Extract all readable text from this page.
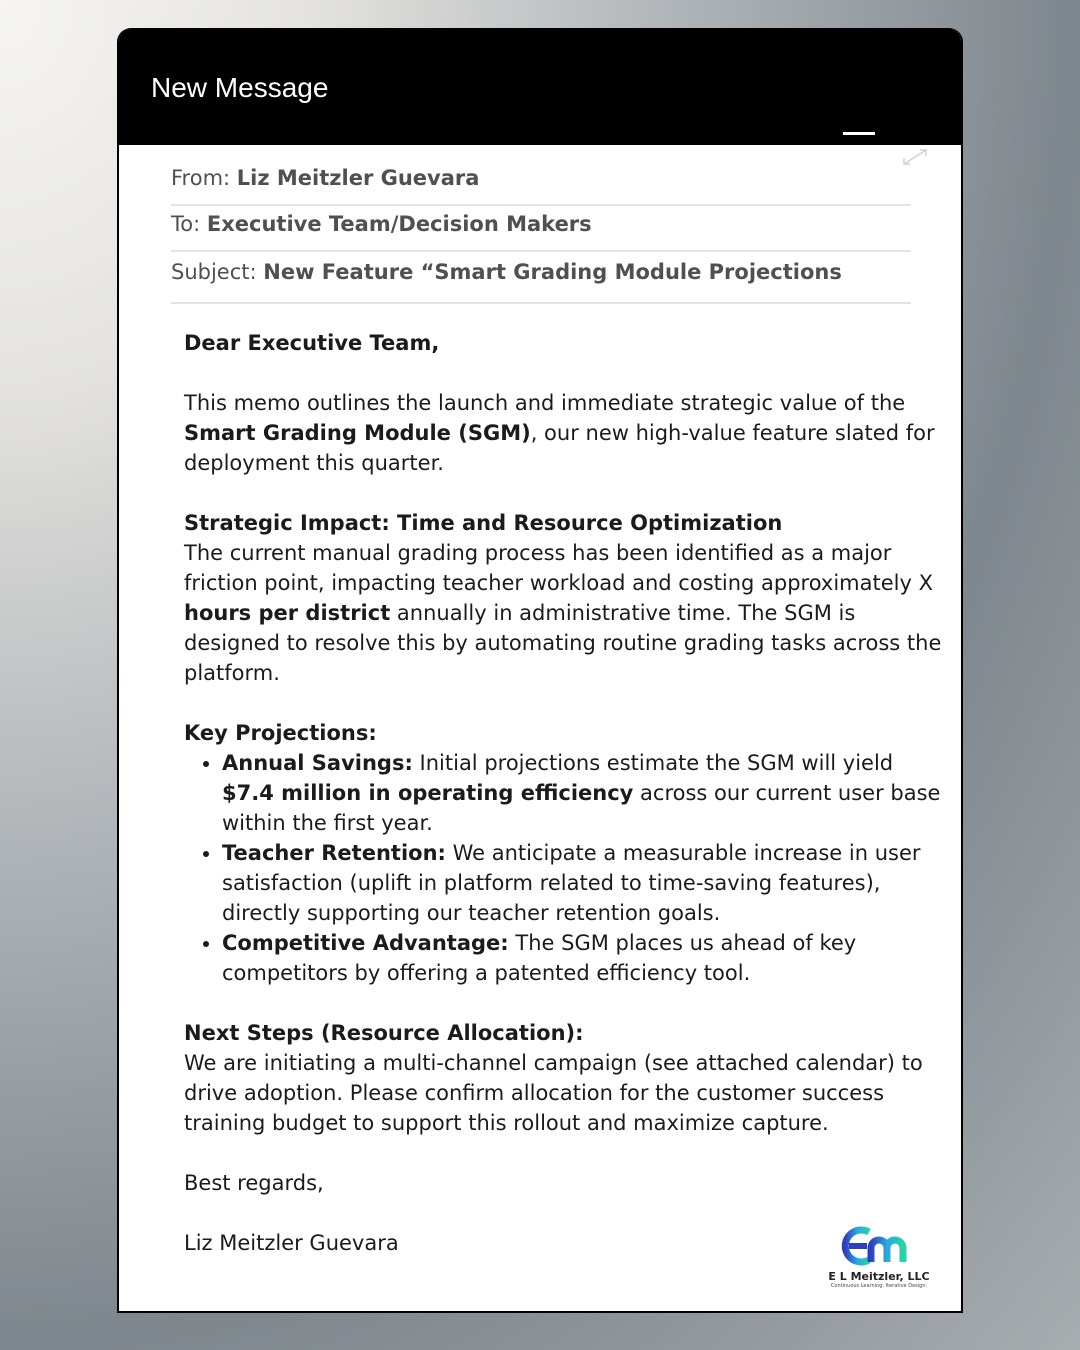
New Message
From: Liz Meitzler Guevara
To: Executive Team/Decision Makers
Subject: New Feature “Smart Grading Module Projections

Dear Executive Team,

This memo outlines the launch and immediate strategic value of the Smart Grading Module (SGM), our new high-value feature slated for deployment this quarter.

Strategic Impact: Time and Resource Optimization

The current manual grading process has been identified as a major friction point, impacting teacher workload and costing approximately X hours per district annually in administrative time. The SGM is designed to resolve this by automating routine grading tasks across the platform.

Key Projections:

• Annual Savings: Initial projections estimate the SGM will yield $7.4 million in operating efficiency across our current user base within the first year.
• Teacher Retention: We anticipate a measurable increase in user satisfaction (uplift in platform related to time-saving features), directly supporting our teacher retention goals.
• Competitive Advantage: The SGM places us ahead of key competitors by offering a patented efficiency tool.

Next Steps (Resource Allocation):

We are initiating a multi-channel campaign (see attached calendar) to drive adoption. Please confirm allocation for the customer success training budget to support this rollout and maximize capture.

Best regards,

Liz Meitzler Guevara

E L Meitzler, LLC
Continuous Learning. Iterative Design.
